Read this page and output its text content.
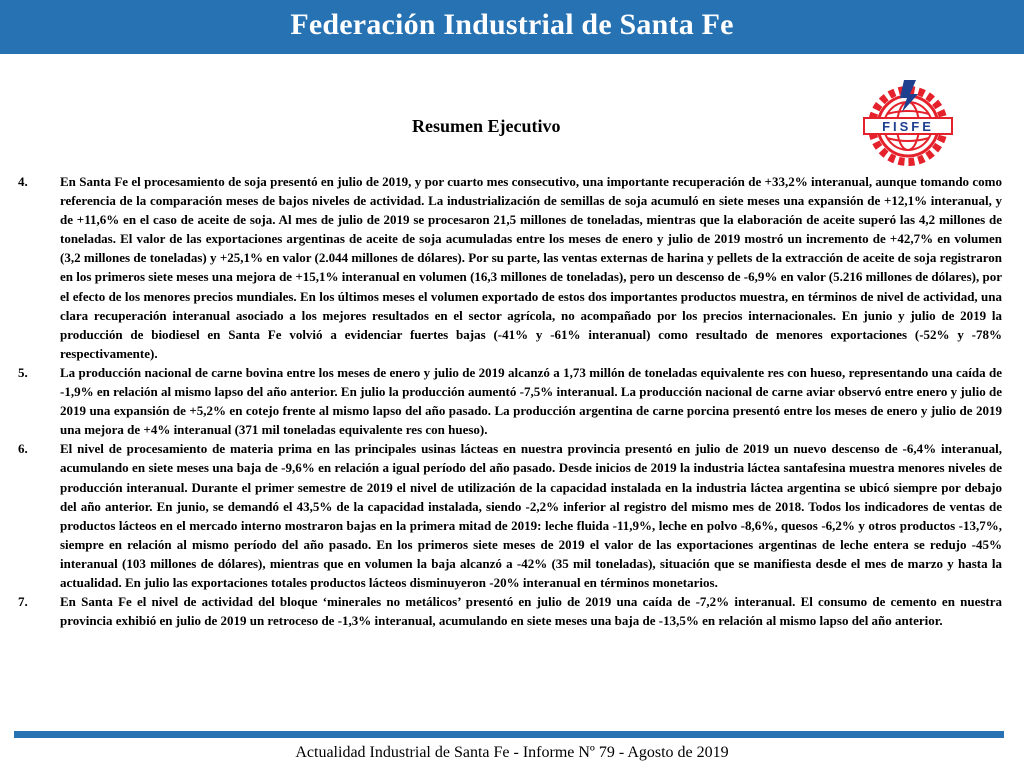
Federación Industrial de Santa Fe
FISFE
Resumen Ejecutivo
4.	En Santa Fe el procesamiento de soja presentó en julio de 2019, y por cuarto mes consecutivo, una importante recuperación de +33,2% interanual, aunque tomando como referencia de la comparación meses de bajos niveles de actividad. La industrialización de semillas de soja acumuló en siete meses una expansión de +12,1% interanual, y de +11,6% en el caso de aceite de soja. Al mes de julio de 2019 se procesaron 21,5 millones de toneladas, mientras que la elaboración de aceite superó las 4,2 millones de toneladas. El valor de las exportaciones argentinas de aceite de soja acumuladas entre los meses de enero y julio de 2019 mostró un incremento de +42,7% en volumen (3,2 millones de toneladas) y +25,1% en valor (2.044 millones de dólares). Por su parte, las ventas externas de harina y pellets de la extracción de aceite de soja registraron en los primeros siete meses una mejora de +15,1% interanual en volumen (16,3 millones de toneladas), pero un descenso de -6,9% en valor (5.216 millones de dólares), por el efecto de los menores precios mundiales. En los últimos meses el volumen exportado de estos dos importantes productos muestra, en términos de nivel de actividad, una clara recuperación interanual asociado a los mejores resultados en el sector agrícola, no acompañado por los precios internacionales. En junio y julio de 2019 la producción de biodiesel en Santa Fe volvió a evidenciar fuertes bajas (-41% y -61% interanual) como resultado de menores exportaciones (-52% y -78% respectivamente).

5.	La producción nacional de carne bovina entre los meses de enero y julio de 2019 alcanzó a 1,73 millón de toneladas equivalente res con hueso, representando una caída de -1,9% en relación al mismo lapso del año anterior. En julio la producción aumentó -7,5% interanual. La producción nacional de carne aviar observó entre enero y julio de 2019 una expansión de +5,2% en cotejo frente al mismo lapso del año pasado. La producción argentina de carne porcina presentó entre los meses de enero y julio de 2019 una mejora de +4% interanual (371 mil toneladas equivalente res con hueso).

6.	El nivel de procesamiento de materia prima en las principales usinas lácteas en nuestra provincia presentó en julio de 2019 un nuevo descenso de -6,4% interanual, acumulando en siete meses una baja de -9,6% en relación a igual período del año pasado. Desde inicios de 2019 la industria láctea santafesina muestra menores niveles de producción interanual. Durante el primer semestre de 2019 el nivel de utilización de la capacidad instalada en la industria láctea argentina se ubicó siempre por debajo del año anterior. En junio, se demandó el 43,5% de la capacidad instalada, siendo -2,2% inferior al registro del mismo mes de 2018. Todos los indicadores de ventas de productos lácteos en el mercado interno mostraron bajas en la primera mitad de 2019: leche fluida -11,9%, leche en polvo -8,6%, quesos -6,2% y otros productos -13,7%, siempre en relación al mismo período del año pasado. En los primeros siete meses de 2019 el valor de las exportaciones argentinas de leche entera se redujo -45% interanual (103 millones de dólares), mientras que en volumen la baja alcanzó a -42% (35 mil toneladas), situación que se manifiesta desde el mes de marzo y hasta la actualidad. En julio las exportaciones totales productos lácteos disminuyeron -20% interanual en términos monetarios.

7.	En Santa Fe el nivel de actividad del bloque ‘minerales no metálicos’ presentó en julio de 2019 una caída de -7,2% interanual. El consumo de cemento en nuestra provincia exhibió en julio de 2019 un retroceso de -1,3% interanual, acumulando en siete meses una baja de -13,5% en relación al mismo lapso del año anterior.

Actualidad Industrial de Santa Fe - Informe Nº 79 - Agosto de 2019
